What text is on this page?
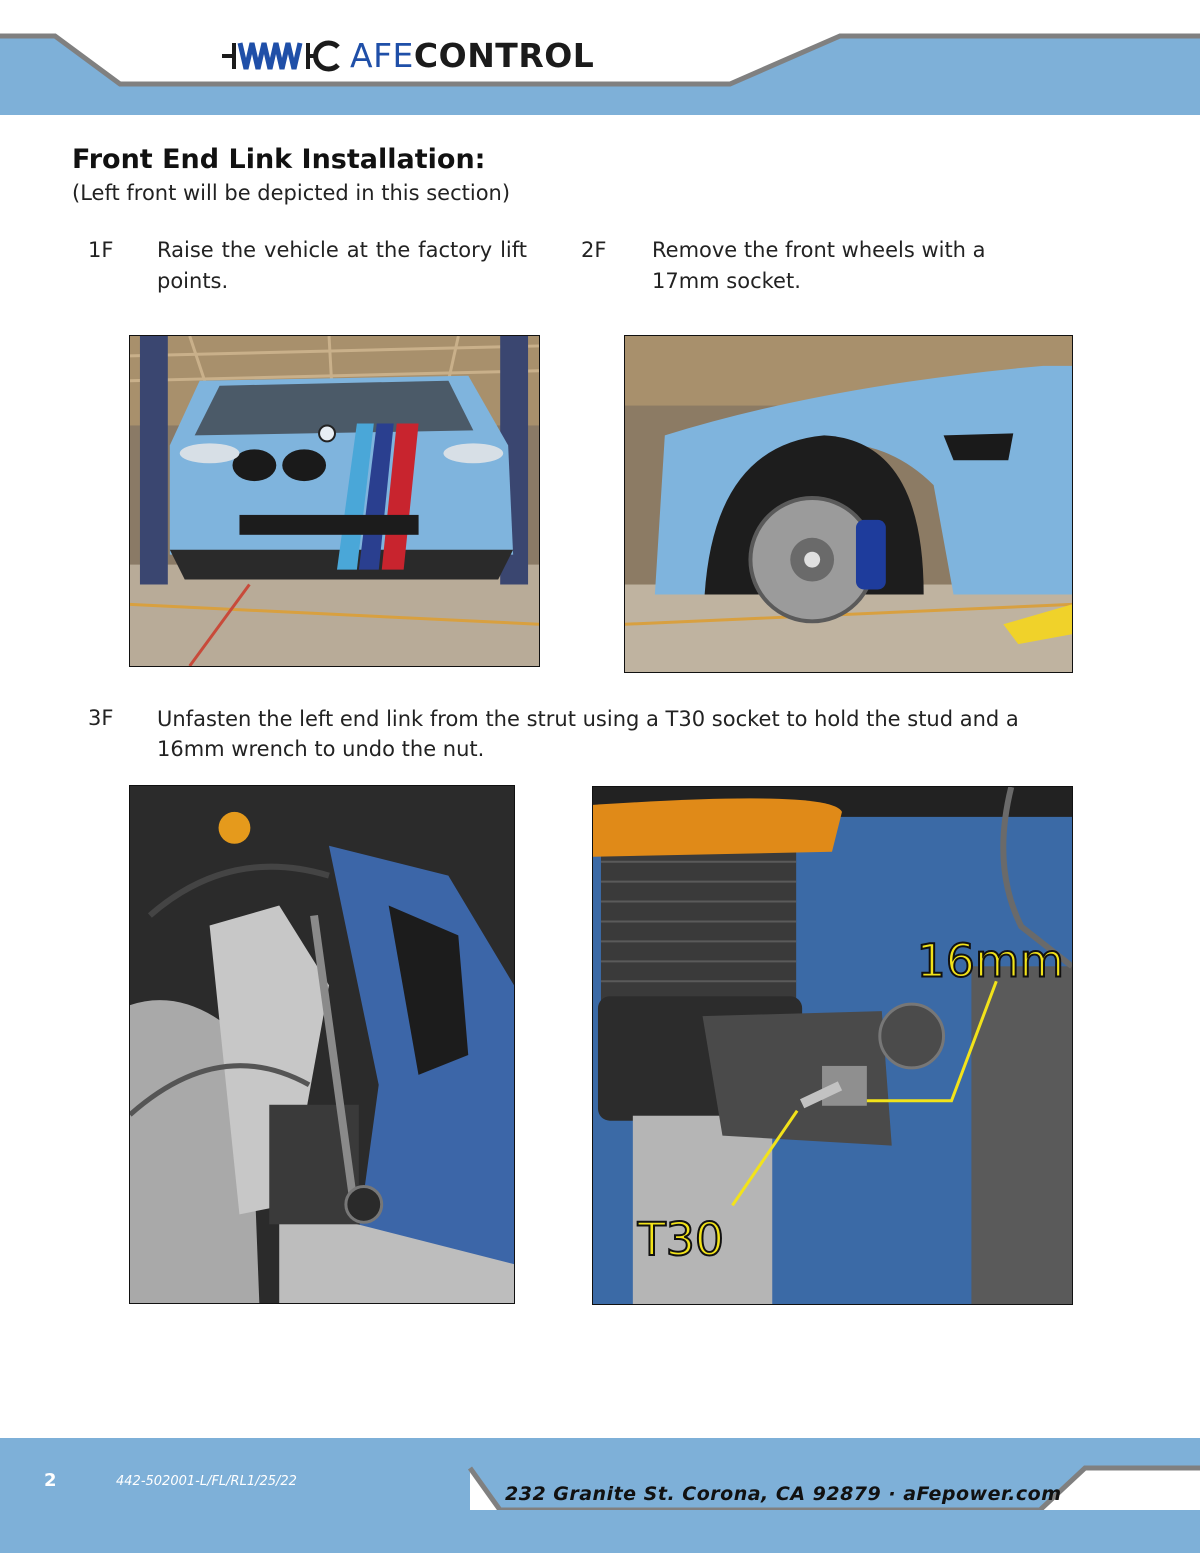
AFECONTROL
Front End Link Installation:
(Left front will be depicted in this section)
1F Raise the vehicle at the factory lift points.
2F Remove the front wheels with a 17mm socket.
3F Unfasten the left end link from the strut using a T30 socket to hold the stud and a 16mm wrench to undo the nut.
16mm
T30
2	442-502001-L/FL/RL1/25/22
232 Granite St. Corona, CA 92879 · aFepower.com
